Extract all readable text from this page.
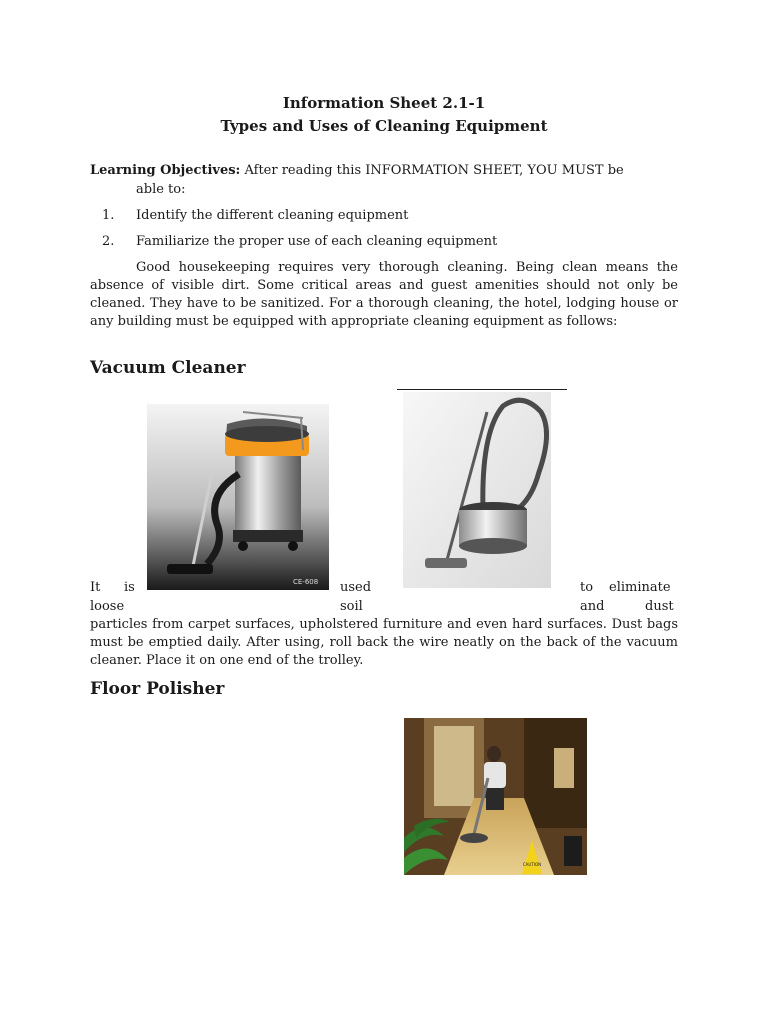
Information Sheet 2.1-1
Types and Uses of Cleaning Equipment
Learning Objectives: After reading this INFORMATION SHEET, YOU MUST be
able to:
1. Identify the different cleaning equipment
2. Familiarize the proper use of each cleaning equipment
Good housekeeping requires very thorough cleaning. Being clean means the absence of visible dirt. Some critical areas and guest amenities should not only be cleaned. They have to be sanitized. For a thorough cleaning, the hotel, lodging house or any building must be equipped with appropriate cleaning equipment as follows:
Vacuum Cleaner
CE-608
It is	used	to eliminate
loose	soil	and	dust
particles from carpet surfaces, upholstered furniture and even hard surfaces. Dust bags must be emptied daily. After using, roll back the wire neatly on the back of the vacuum cleaner. Place it on one end of the trolley.
Floor Polisher
CAUTION
